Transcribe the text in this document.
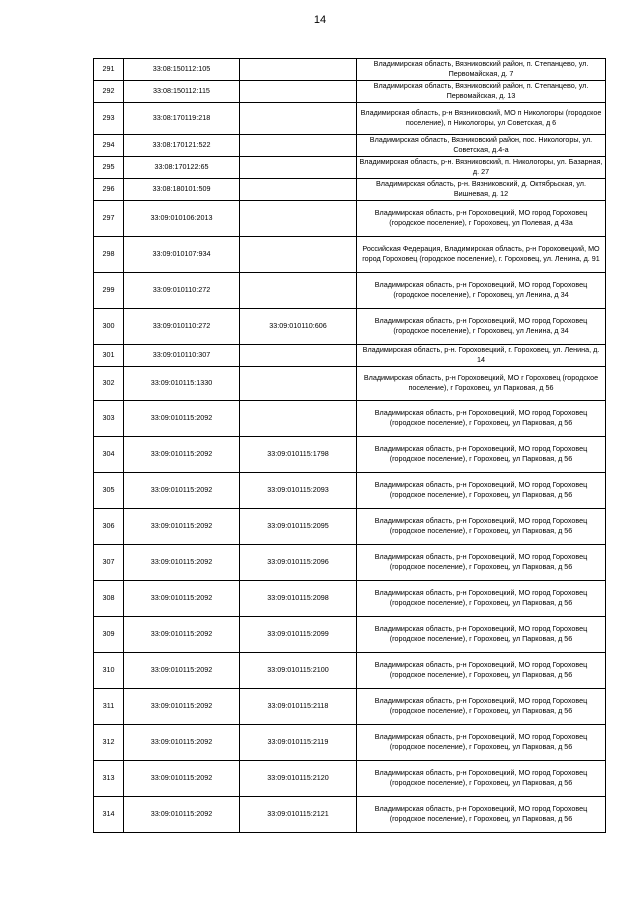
14
291	33:08:150112:105		Владимирская область, Вязниковский район, п. Степанцево, ул. Первомайская, д. 7
292	33:08:150112:115		Владимирская область, Вязниковский район, п. Степанцево, ул. Первомайская, д. 13
293	33:08:170119:218		Владимирская область, р-н Вязниковский, МО п Никологоры (городское поселение), п Никологоры, ул Советская, д 6
294	33:08:170121:522		Владимирская область, Вязниковский район, пос. Никологоры, ул. Советская, д.4-а
295	33:08:170122:65		Владимирская область, р-н. Вязниковский, п. Никологоры, ул. Базарная, д. 27
296	33:08:180101:509		Владимирская область, р-н. Вязниковский, д. Октябрьская, ул. Вишневая, д. 12
297	33:09:010106:2013		Владимирская область, р-н Гороховецкий, МО город Гороховец (городское поселение), г Гороховец, ул Полевая, д 43а
298	33:09:010107:934		Российская Федерация, Владимирская область, р-н Гороховецкий, МО город Гороховец (городское поселение), г. Гороховец, ул. Ленина, д. 91
299	33:09:010110:272		Владимирская область, р-н Гороховецкий, МО город Гороховец (городское поселение), г Гороховец, ул Ленина, д 34
300	33:09:010110:272	33:09:010110:606	Владимирская область, р-н Гороховецкий, МО город Гороховец (городское поселение), г Гороховец, ул Ленина, д 34
301	33:09:010110:307		Владимирская область, р-н. Гороховецкий, г. Гороховец, ул. Ленина, д. 14
302	33:09:010115:1330		Владимирская область, р-н Гороховецкий, МО г Гороховец (городское поселение), г Гороховец, ул Парковая, д 56
303	33:09:010115:2092		Владимирская область, р-н Гороховецкий, МО город Гороховец (городское поселение), г Гороховец, ул Парковая, д 56
304	33:09:010115:2092	33:09:010115:1798	Владимирская область, р-н Гороховецкий, МО город Гороховец (городское поселение), г Гороховец, ул Парковая, д 56
305	33:09:010115:2092	33:09:010115:2093	Владимирская область, р-н Гороховецкий, МО город Гороховец (городское поселение), г Гороховец, ул Парковая, д 56
306	33:09:010115:2092	33:09:010115:2095	Владимирская область, р-н Гороховецкий, МО город Гороховец (городское поселение), г Гороховец, ул Парковая, д 56
307	33:09:010115:2092	33:09:010115:2096	Владимирская область, р-н Гороховецкий, МО город Гороховец (городское поселение), г Гороховец, ул Парковая, д 56
308	33:09:010115:2092	33:09:010115:2098	Владимирская область, р-н Гороховецкий, МО город Гороховец (городское поселение), г Гороховец, ул Парковая, д 56
309	33:09:010115:2092	33:09:010115:2099	Владимирская область, р-н Гороховецкий, МО город Гороховец (городское поселение), г Гороховец, ул Парковая, д 56
310	33:09:010115:2092	33:09:010115:2100	Владимирская область, р-н Гороховецкий, МО город Гороховец (городское поселение), г Гороховец, ул Парковая, д 56
311	33:09:010115:2092	33:09:010115:2118	Владимирская область, р-н Гороховецкий, МО город Гороховец (городское поселение), г Гороховец, ул Парковая, д 56
312	33:09:010115:2092	33:09:010115:2119	Владимирская область, р-н Гороховецкий, МО город Гороховец (городское поселение), г Гороховец, ул Парковая, д 56
313	33:09:010115:2092	33:09:010115:2120	Владимирская область, р-н Гороховецкий, МО город Гороховец (городское поселение), г Гороховец, ул Парковая, д 56
314	33:09:010115:2092	33:09:010115:2121	Владимирская область, р-н Гороховецкий, МО город Гороховец (городское поселение), г Гороховец, ул Парковая, д 56
